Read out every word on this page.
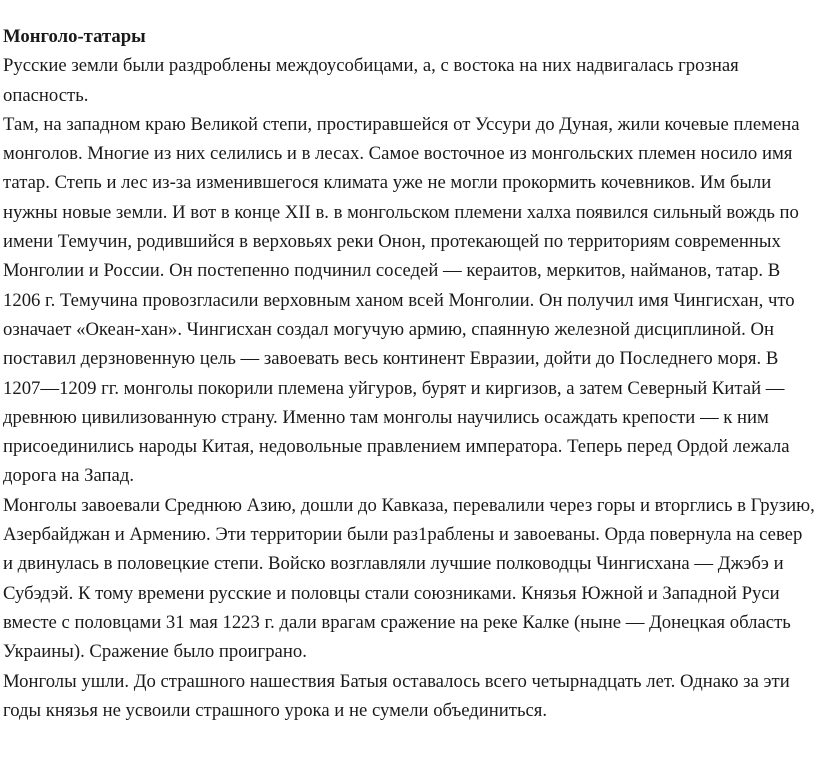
Монголо-татары

Русские земли были раздроблены междоусобицами, а, с востока на них надвигалась грозная опасность.

Там, на западном краю Великой степи, простиравшейся от Уссури до Дуная, жили кочевые племена монголов. Многие из них селились и в лесах. Самое восточное из монгольских племен носило имя татар. Степь и лес из-за изменившегося климата уже не могли прокормить кочевников. Им были нужны новые земли. И вот в конце XII в. в монгольском племени халха появился сильный вождь по имени Темучин, родившийся в верховьях реки Онон, протекающей по территориям современных Монголии и России. Он постепенно подчинил соседей — кераитов, меркитов, найманов, татар. В 1206 г. Темучина провозгласили верховным ханом всей Монголии. Он получил имя Чингисхан, что означает «Океан-хан». Чингисхан создал могучую армию, спаянную железной дисциплиной. Он поставил дерзновенную цель — завоевать весь континент Евразии, дойти до Последнего моря. В 1207—1209 гг. монголы покорили племена уйгуров, бурят и киргизов, а затем Северный Китай — древнюю цивилизованную страну. Именно там монголы научились осаждать крепости — к ним присоединились народы Китая, недовольные правлением императора. Теперь перед Ордой лежала дорога на Запад.

Монголы завоевали Среднюю Азию, дошли до Кавказа, перевалили через горы и вторглись в Грузию, Азербайджан и Армению. Эти территории были раз1раблены и завоеваны. Орда повернула на север и двинулась в половецкие степи. Войско возглавляли лучшие полководцы Чингисхана — Джэбэ и Субэдэй. К тому времени русские и половцы стали союзниками. Князья Южной и Западной Руси вместе с половцами 31 мая 1223 г. дали врагам сражение на реке Калке (ныне — Донецкая область Украины). Сражение было проиграно.

Монголы ушли. До страшного нашествия Батыя оставалось всего четырнадцать лет. Однако за эти годы князья не усвоили страшного урока и не сумели объединиться.
